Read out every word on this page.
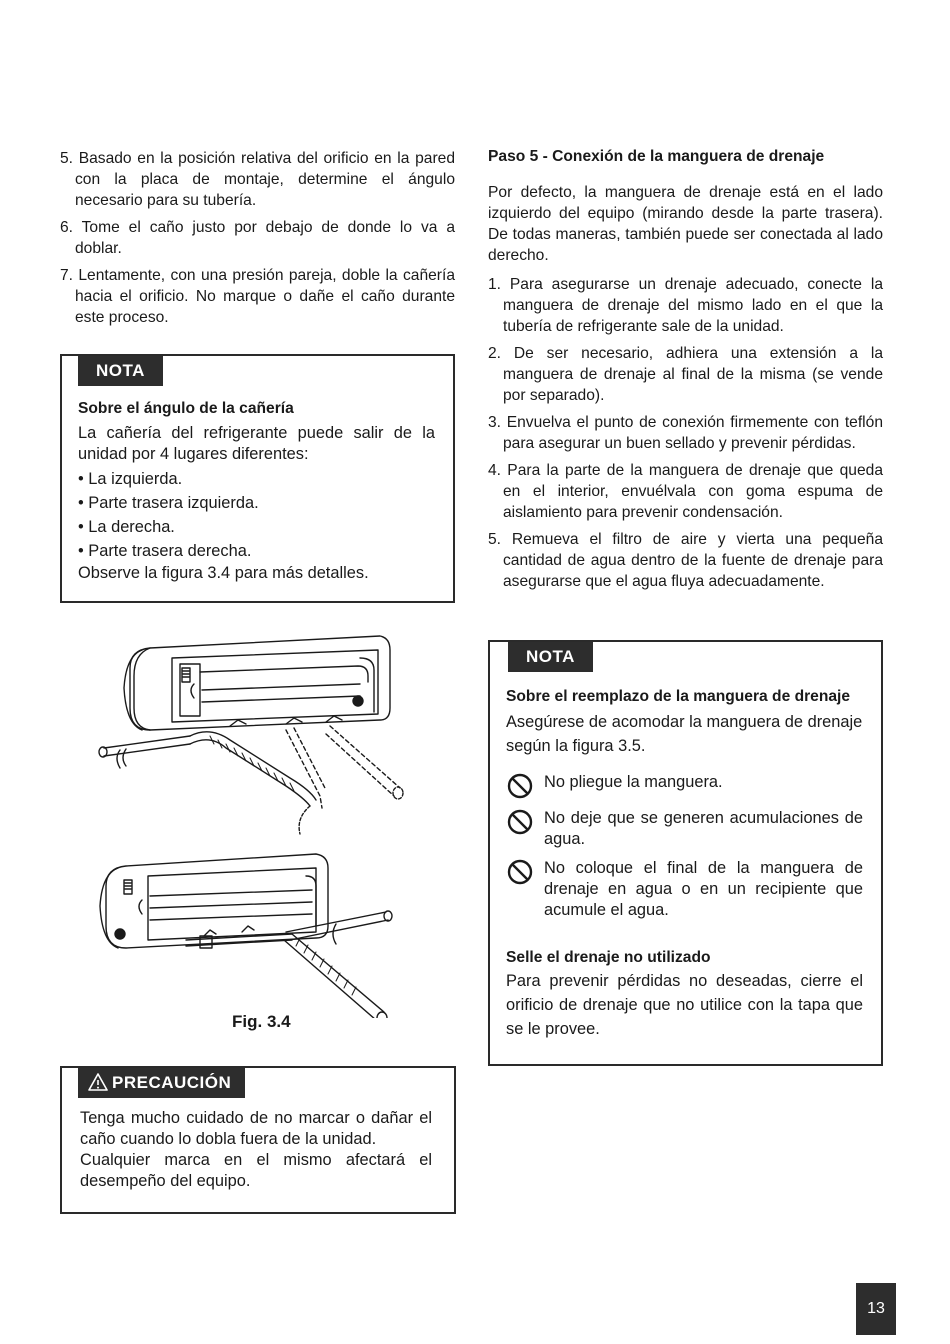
5. Basado en la posición relativa del orificio en la pared con la placa de montaje, determine el ángulo necesario para su tubería.
6. Tome el caño justo por debajo de donde lo va a doblar.
7. Lentamente, con una presión pareja, doble la cañería hacia el orificio. No marque o dañe el caño durante este proceso.
NOTA

Sobre el ángulo de la cañería

La cañería del refrigerante puede salir de la unidad por 4 lugares diferentes:

• La izquierda.
• Parte trasera izquierda.
• La derecha.
• Parte trasera derecha.

Observe la figura 3.4 para más detalles.

Fig. 3.4
PRECAUCIÓN

Tenga mucho cuidado de no marcar o dañar el caño cuando lo dobla fuera de la unidad.

Cualquier marca en el mismo afectará el desempeño del equipo.

Paso 5 - Conexión de la manguera de drenaje

Por defecto, la manguera de drenaje está en el lado izquierdo del equipo (mirando desde la parte trasera). De todas maneras, también puede ser conectada al lado derecho.

1. Para asegurarse un drenaje adecuado, conecte la manguera de drenaje del mismo lado en el que la tubería de refrigerante sale de la unidad.
2. De ser necesario, adhiera una extensión a la manguera de drenaje al final de la misma (se vende por separado).
3. Envuelva el punto de conexión firmemente con teflón para asegurar un buen sellado y prevenir pérdidas.
4. Para la parte de la manguera de drenaje que queda en el interior, envuélvala con goma espuma de aislamiento para prevenir condensación.
5. Remueva el filtro de aire y vierta una pequeña cantidad de agua dentro de la fuente de drenaje para asegurarse que el agua fluya adecuadamente.
NOTA

Sobre el reemplazo de la manguera de drenaje

Asegúrese de acomodar la manguera de drenaje según la figura 3.5.

No pliegue la manguera.
No deje que se generen acumulaciones de agua.
No coloque el final de la manguera de drenaje en agua o en un recipiente que acumule el agua.

Selle el drenaje no utilizado

Para prevenir pérdidas no deseadas, cierre el orificio de drenaje que no utilice con la tapa que se le provee.

13
